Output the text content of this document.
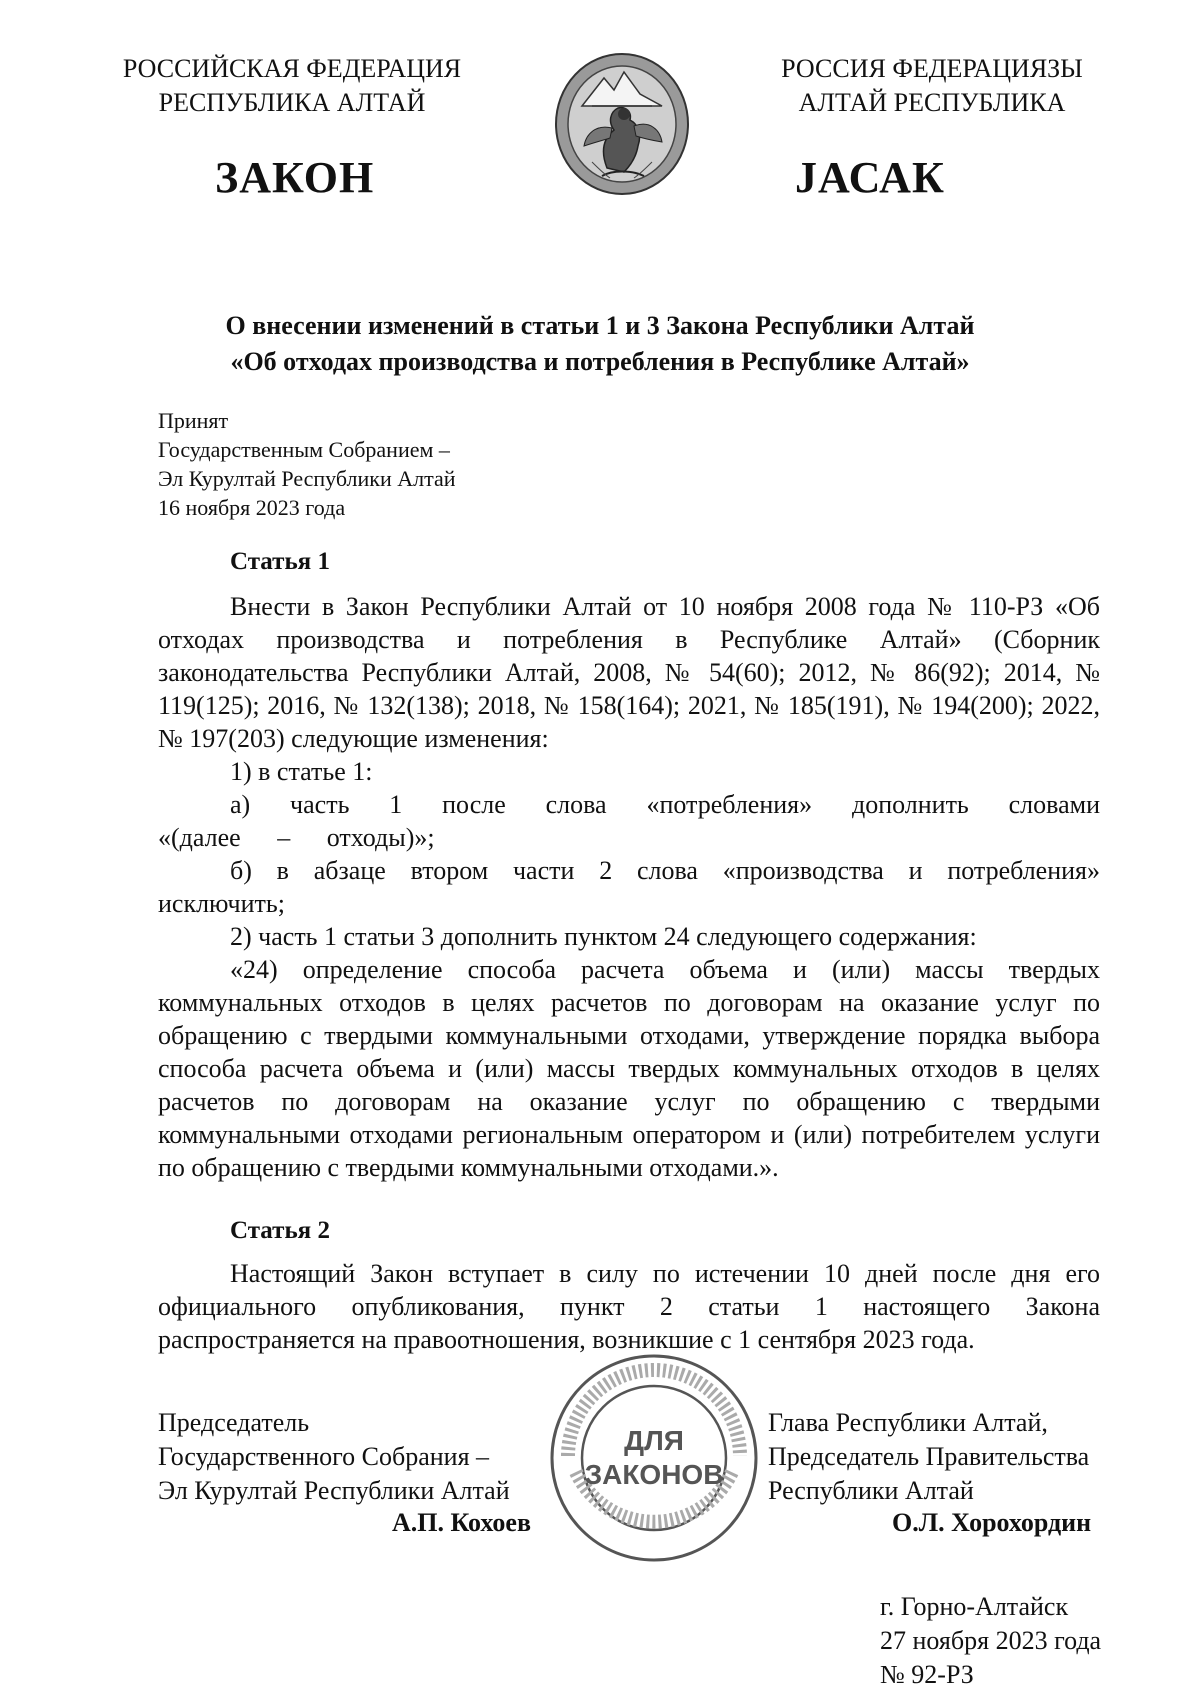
РОССИЙСКАЯ ФЕДЕРАЦИЯ
РЕСПУБЛИКА АЛТАЙ
РОССИЯ ФЕДЕРАЦИЯЗЫ
АЛТАЙ РЕСПУБЛИКА
ЗАКОН	JАСАК
О внесении изменений в статьи 1 и 3 Закона Республики Алтай
«Об отходах производства и потребления в Республике Алтай»
Принят
Государственным Собранием –
Эл Курултай Республики Алтай
16 ноября 2023 года
Статья 1
Внести в Закон Республики Алтай от 10 ноября 2008 года № 110-РЗ «Об отходах производства и потребления в Республике Алтай» (Сборник законодательства Республики Алтай, 2008, № 54(60); 2012, № 86(92); 2014, № 119(125); 2016, № 132(138); 2018, № 158(164); 2021, № 185(191), № 194(200); 2022, № 197(203) следующие изменения:
1) в статье 1:
а) часть 1 после слова «потребления» дополнить словами «(далее – отходы)»;
б) в абзаце втором части 2 слова «производства и потребления» исключить;
2) часть 1 статьи 3 дополнить пунктом 24 следующего содержания:
«24) определение способа расчета объема и (или) массы твердых коммунальных отходов в целях расчетов по договорам на оказание услуг по обращению с твердыми коммунальными отходами, утверждение порядка выбора способа расчета объема и (или) массы твердых коммунальных отходов в целях расчетов по договорам на оказание услуг по обращению с твердыми коммунальными отходами региональным оператором и (или) потребителем услуги по обращению с твердыми коммунальными отходами.».
Статья 2
Настоящий Закон вступает в силу по истечении 10 дней после дня его официального опубликования, пункт 2 статьи 1 настоящего Закона распространяется на правоотношения, возникшие с 1 сентября 2023 года.
ДЛЯ
ЗАКОНОВ
Председатель
Государственного Собрания –
Эл Курултай Республики Алтай
А.П. Кохоев
Глава Республики Алтай,
Председатель Правительства
Республики Алтай
О.Л. Хорохордин
г. Горно-Алтайск
27 ноября 2023 года
№ 92-РЗ
